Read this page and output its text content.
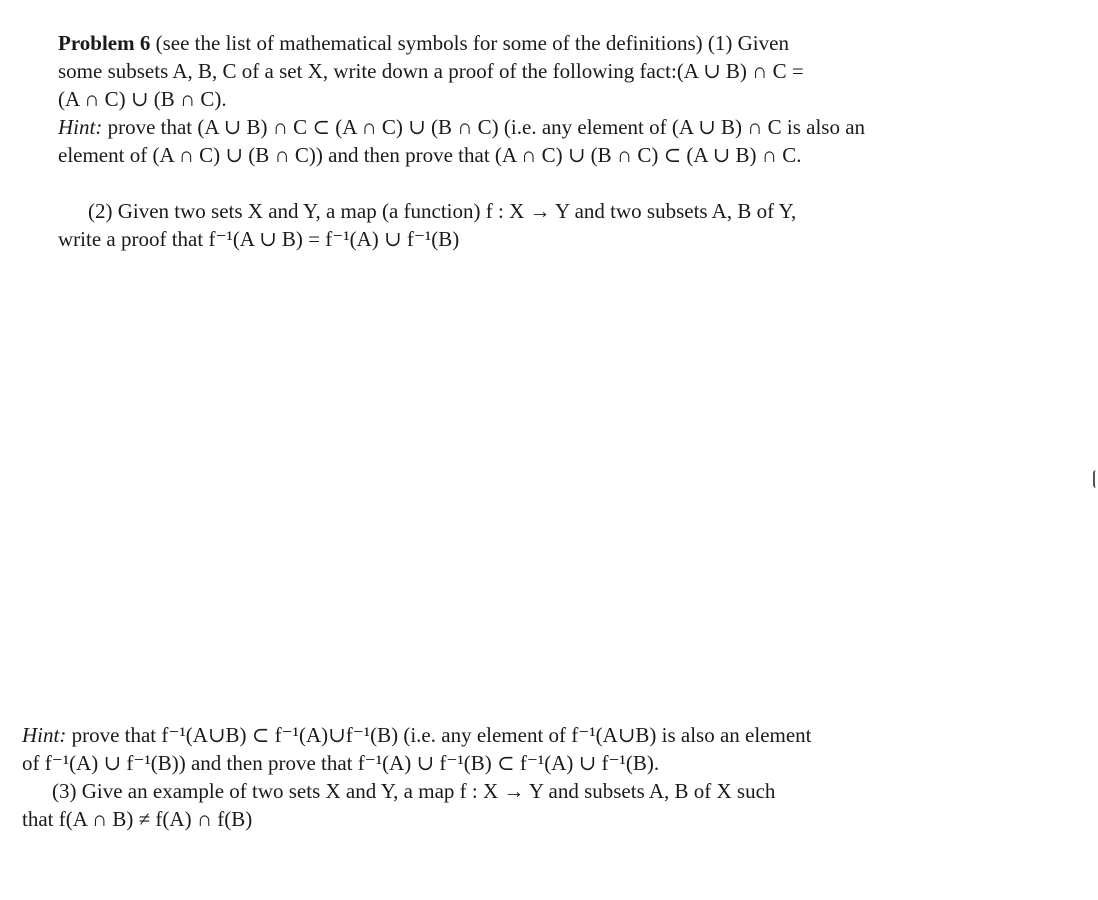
Problem 6 (see the list of mathematical symbols for some of the definitions) (1) Given
some subsets A, B, C of a set X, write down a proof of the following fact:(A ∪ B) ∩ C =
(A ∩ C) ∪ (B ∩ C).
Hint: prove that (A ∪ B) ∩ C ⊂ (A ∩ C) ∪ (B ∩ C) (i.e. any element of (A ∪ B) ∩ C is also an
element of (A ∩ C) ∪ (B ∩ C)) and then prove that (A ∩ C) ∪ (B ∩ C) ⊂ (A ∪ B) ∩ C.
(2) Given two sets X and Y, a map (a function) f : X → Y and two subsets A, B of Y,
write a proof that f⁻¹(A ∪ B) = f⁻¹(A) ∪ f⁻¹(B)
Hint: prove that f⁻¹(A∪B) ⊂ f⁻¹(A)∪f⁻¹(B) (i.e. any element of f⁻¹(A∪B) is also an element
of f⁻¹(A) ∪ f⁻¹(B)) and then prove that f⁻¹(A) ∪ f⁻¹(B) ⊂ f⁻¹(A) ∪ f⁻¹(B).
(3) Give an example of two sets X and Y, a map f : X → Y and subsets A, B of X such
that f(A ∩ B) ≠ f(A) ∩ f(B)
